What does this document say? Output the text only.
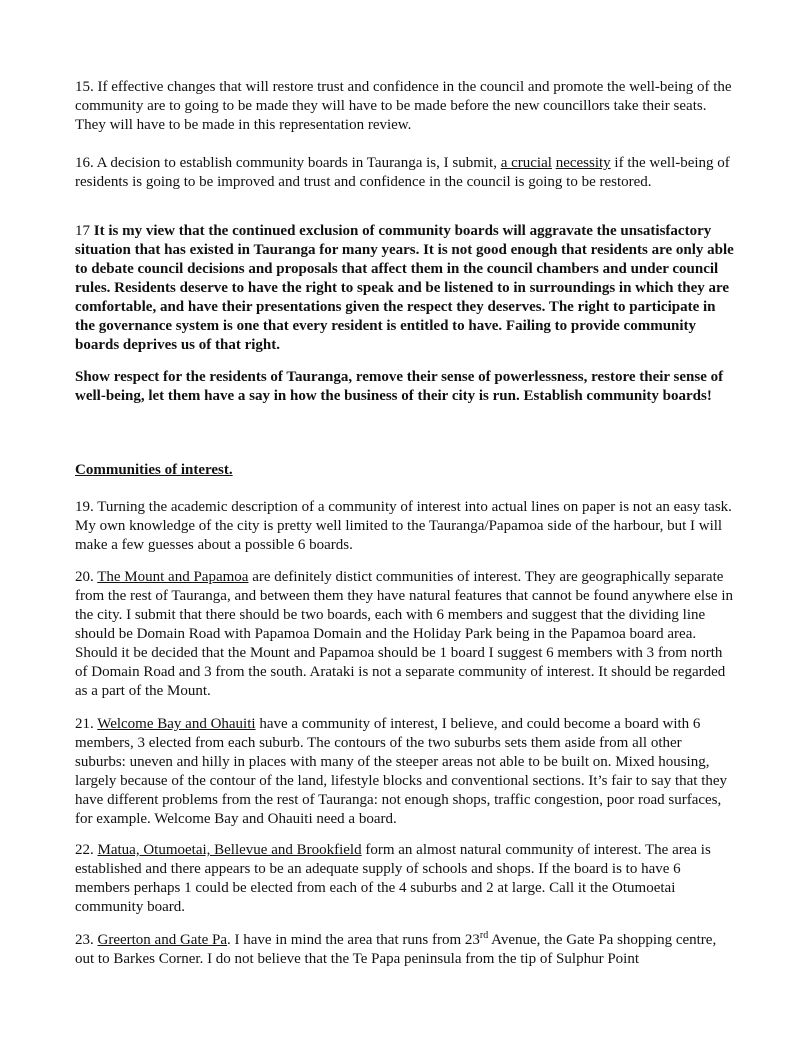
15. If effective changes that will restore trust and confidence in the council and promote the well-being of the community are to going to be made they will have to be made before the new councillors take their seats. They will have to be made in this representation review.

16. A decision to establish community boards in Tauranga is, I submit, a crucial necessity if the well-being of residents is going to be improved and trust and confidence in the council is going to be restored.

17 It is my view that the continued exclusion of community boards will aggravate the unsatisfactory situation that has existed in Tauranga for many years. It is not good enough that residents are only able to debate council decisions and proposals that affect them in the council chambers and under council rules. Residents deserve to have the right to speak and be listened to in surroundings in which they are comfortable, and have their presentations given the respect they deserves. The right to participate in the governance system is one that every resident is entitled to have. Failing to provide community boards deprives us of that right.

Show respect for the residents of Tauranga, remove their sense of powerlessness, restore their sense of well-being, let them have a say in how the business of their city is run. Establish community boards!

Communities of interest.

19. Turning the academic description of a community of interest into actual lines on paper is not an easy task. My own knowledge of the city is pretty well limited to the Tauranga/Papamoa side of the harbour, but I will make a few guesses about a possible 6 boards.

20. The Mount and Papamoa are definitely distict communities of interest. They are geographically separate from the rest of Tauranga, and between them they have natural features that cannot be found anywhere else in the city. I submit that there should be two boards, each with 6 members and suggest that the dividing line should be Domain Road with Papamoa Domain and the Holiday Park being in the Papamoa board area. Should it be decided that the Mount and Papamoa should be 1 board I suggest 6 members with 3 from north of Domain Road and 3 from the south. Arataki is not a separate community of interest. It should be regarded as a part of the Mount.

21. Welcome Bay and Ohauiti have a community of interest, I believe, and could become a board with 6 members, 3 elected from each suburb. The contours of the two suburbs sets them aside from all other suburbs: uneven and hilly in places with many of the steeper areas not able to be built on. Mixed housing, largely because of the contour of the land, lifestyle blocks and conventional sections. It’s fair to say that they have different problems from the rest of Tauranga: not enough shops, traffic congestion, poor road surfaces, for example. Welcome Bay and Ohauiti need a board.

22. Matua, Otumoetai, Bellevue and Brookfield form an almost natural community of interest. The area is established and there appears to be an adequate supply of schools and shops. If the board is to have 6 members perhaps 1 could be elected from each of the 4 suburbs and 2 at large. Call it the Otumoetai community board.

23. Greerton and Gate Pa. I have in mind the area that runs from 23rd Avenue, the Gate Pa shopping centre, out to Barkes Corner. I do not believe that the Te Papa peninsula from the tip of Sulphur Point
